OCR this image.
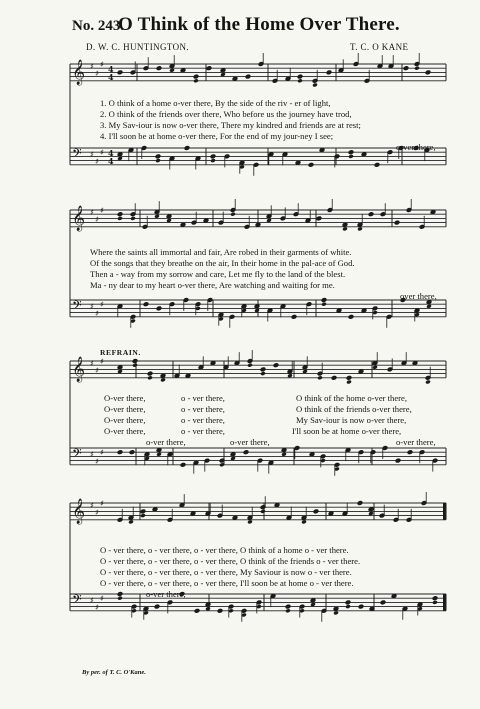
No. 243.
O Think of the Home Over There.
D. W. C. HUNTINGTON.	T. C. O KANE
𝄞 ♯
♯
♯ 4
4
𝄢 ♯
♯
♯ 4
4
𝄞 ♯
♯
♯
𝄢 ♯
♯
♯
𝄞 ♯
♯
♯
𝄢 ♯
♯
♯
𝄞 ♯
♯
♯
𝄢 ♯
♯
♯
1. O think of a home o-ver there, By the side of the riv - er of light,
2. O think of the friends over there, Who before us the journey have trod,
3. My Sav-iour is now o-ver there, There my kindred and friends are at rest;
4. I'll soon be at home o-ver there, For the end of my jour-ney I see;
o-ver there,
Where the saints all immortal and fair, Are robed in their garments of white.
Of the songs that they breathe on the air, In their home in the pal-ace of God.
Then a - way from my sorrow and care, Let me fly to the land of the blest.
Ma - ny dear to my heart o-ver there, Are watching and waiting for me.
over there,
REFRAIN.
O-ver there,	o - ver there,	O think of the home o-ver there,
O-ver there,	o - ver there,	O think of the friends o-ver there,
O-ver there,	o - ver there,	My Sav-iour is now o-ver there,
O-ver there,	o - ver there,	I'll soon be at home o-ver there,
o-ver there,	o-ver there,	o-ver there,
O - ver there, o - ver there, o - ver there, O think of a home o - ver there.
O - ver there, o - ver there, o - ver there, O think of the friends o - ver there.
O - ver there, o - ver there, o - ver there, My Saviour is now o - ver there.
O - ver there, o - ver there, o - ver there, I'll soon be at home o - ver there.
o-ver there,
By per. of T. C. O'Kane.
